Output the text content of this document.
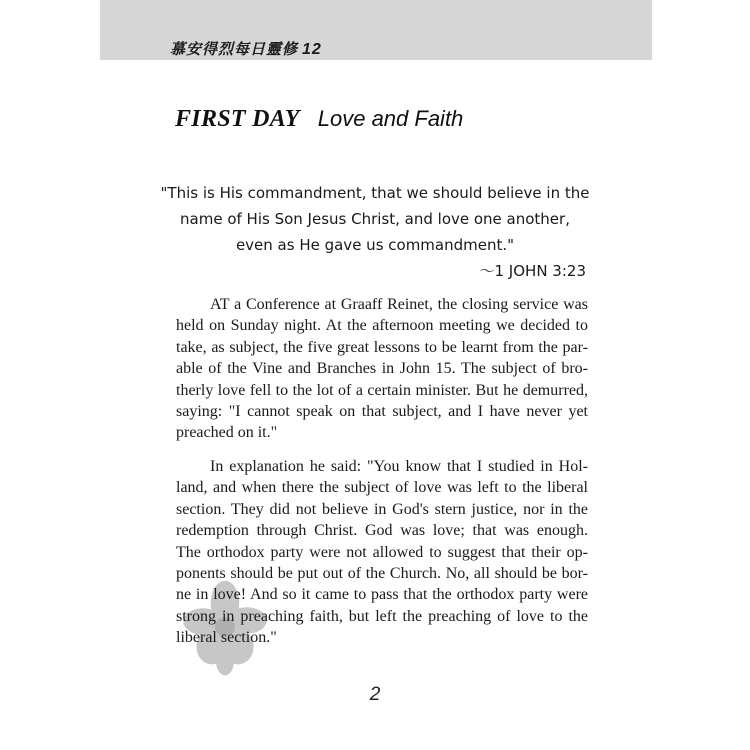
慕安得烈每日靈修 12
FIRST DAY Love and Faith
"This is His commandment, that we should believe in the
name of His Son Jesus Christ, and love one another,
even as He gave us commandment."
～1 JOHN 3:23
AT a Conference at Graaff Reinet, the closing service was
held on Sunday night. At the afternoon meeting we decided to
take, as subject, the five great lessons to be learnt from the par-
able of the Vine and Branches in John 15. The subject of bro-
therly love fell to the lot of a certain minister. But he demurred,
saying: "I cannot speak on that subject, and I have never yet
preached on it."
In explanation he said: "You know that I studied in Hol-
land, and when there the subject of love was left to the liberal
section. They did not believe in God's stern justice, nor in the
redemption through Christ. God was love; that was enough.
The orthodox party were not allowed to suggest that their op-
ponents should be put out of the Church. No, all should be bor-
ne in love! And so it came to pass that the orthodox party were
strong in preaching faith, but left the preaching of love to the
liberal section."
2
